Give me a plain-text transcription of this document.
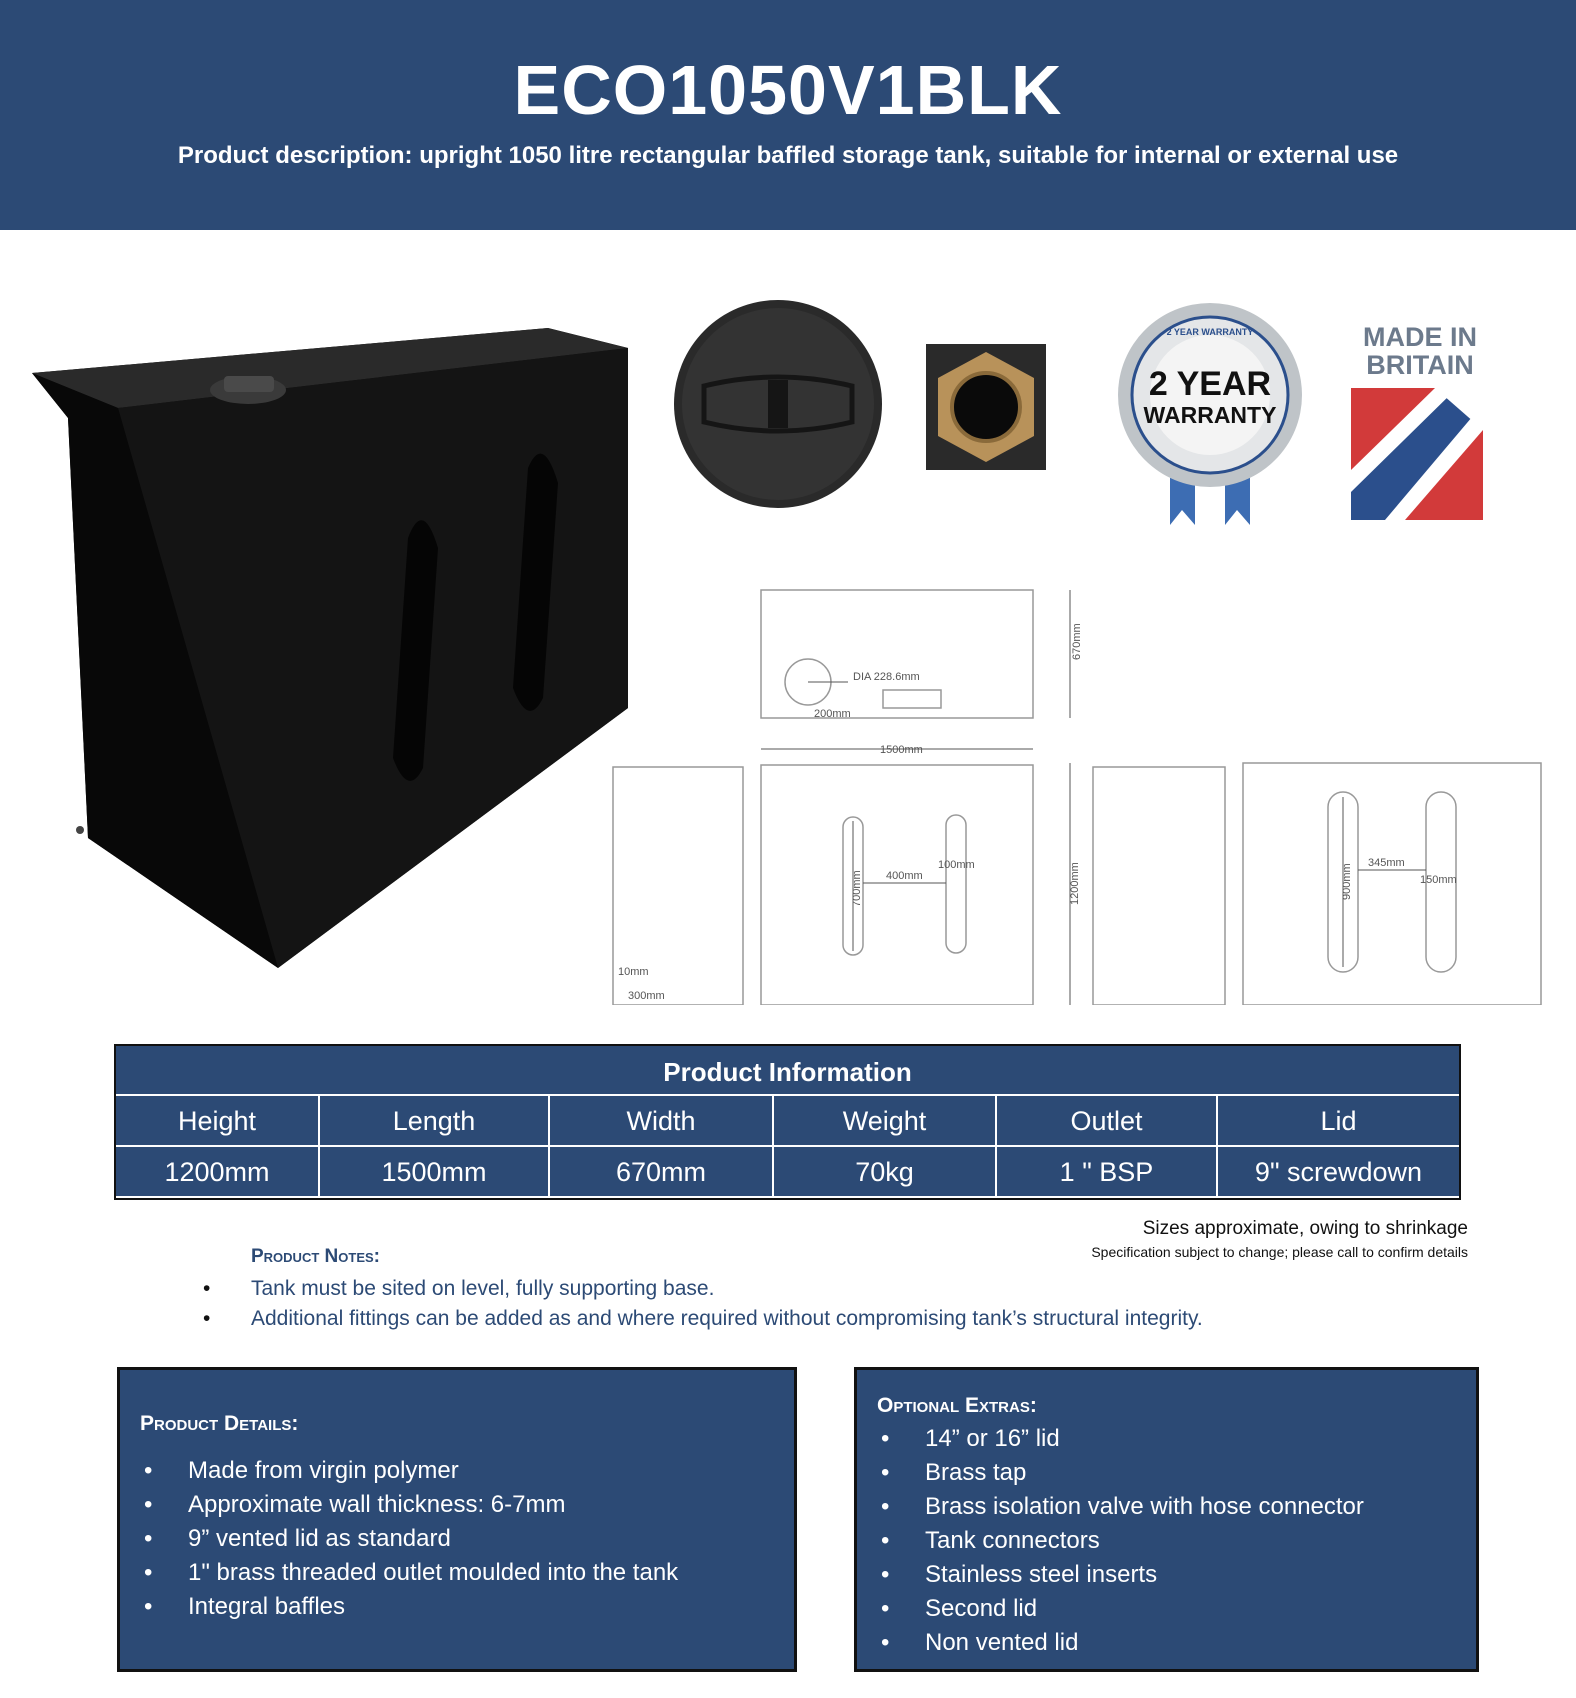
ECO1050V1BLK

Product description: upright 1050 litre rectangular baffled storage tank, suitable for internal or external use

2 YEAR WARRANTY
2 YEAR
WARRANTY
MADE IN
BRITAIN
DIA 228.6mm
200mm
670mm
1500mm
1200mm
700mm 400mm
100mm	900mm
345mm
150mm
10mm
300mm
Product Information
Height	Length	Width	Weight	Outlet	Lid
1200mm	1500mm	670mm	70kg	1 " BSP	9" screwdown
Sizes approximate, owing to shrinkage
Specification subject to change; please call to confirm details
Product Notes:
• Tank must be sited on level, fully supporting base.
• Additional fittings can be added as and where required without compromising tank’s structural integrity.
Product Details:
• Made from virgin polymer
• Approximate wall thickness: 6-7mm
• 9” vented lid as standard
• 1" brass threaded outlet moulded into the tank
• Integral baffles
Optional Extras:
• 14” or 16” lid
• Brass tap
• Brass isolation valve with hose connector
• Tank connectors
• Stainless steel inserts
• Second lid
• Non vented lid
